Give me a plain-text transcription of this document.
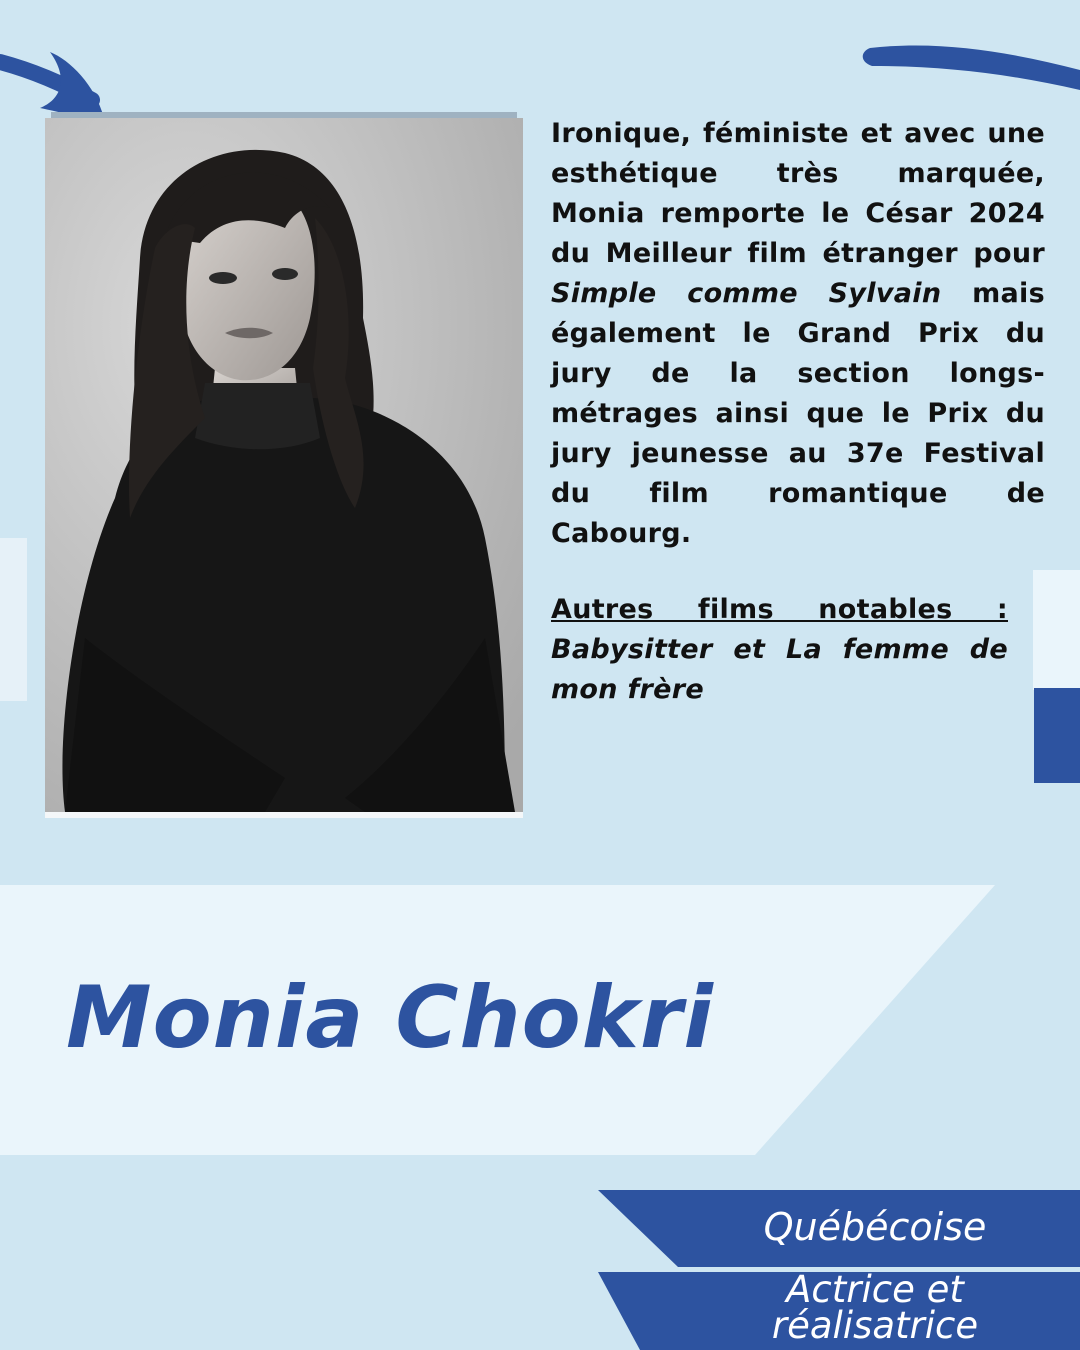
Ironique, féministe et avec une esthétique très marquée, Monia remporte le César 2024 du Meilleur film étranger pour Simple comme Sylvain mais également le Grand Prix du jury de la section longs-métrages ainsi que le Prix du jury jeunesse au 37e Festival du film romantique de Cabourg.
Autres films notables :
Babysitter et La femme de mon frère
Monia Chokri
Québécoise
Actrice et
réalisatrice
